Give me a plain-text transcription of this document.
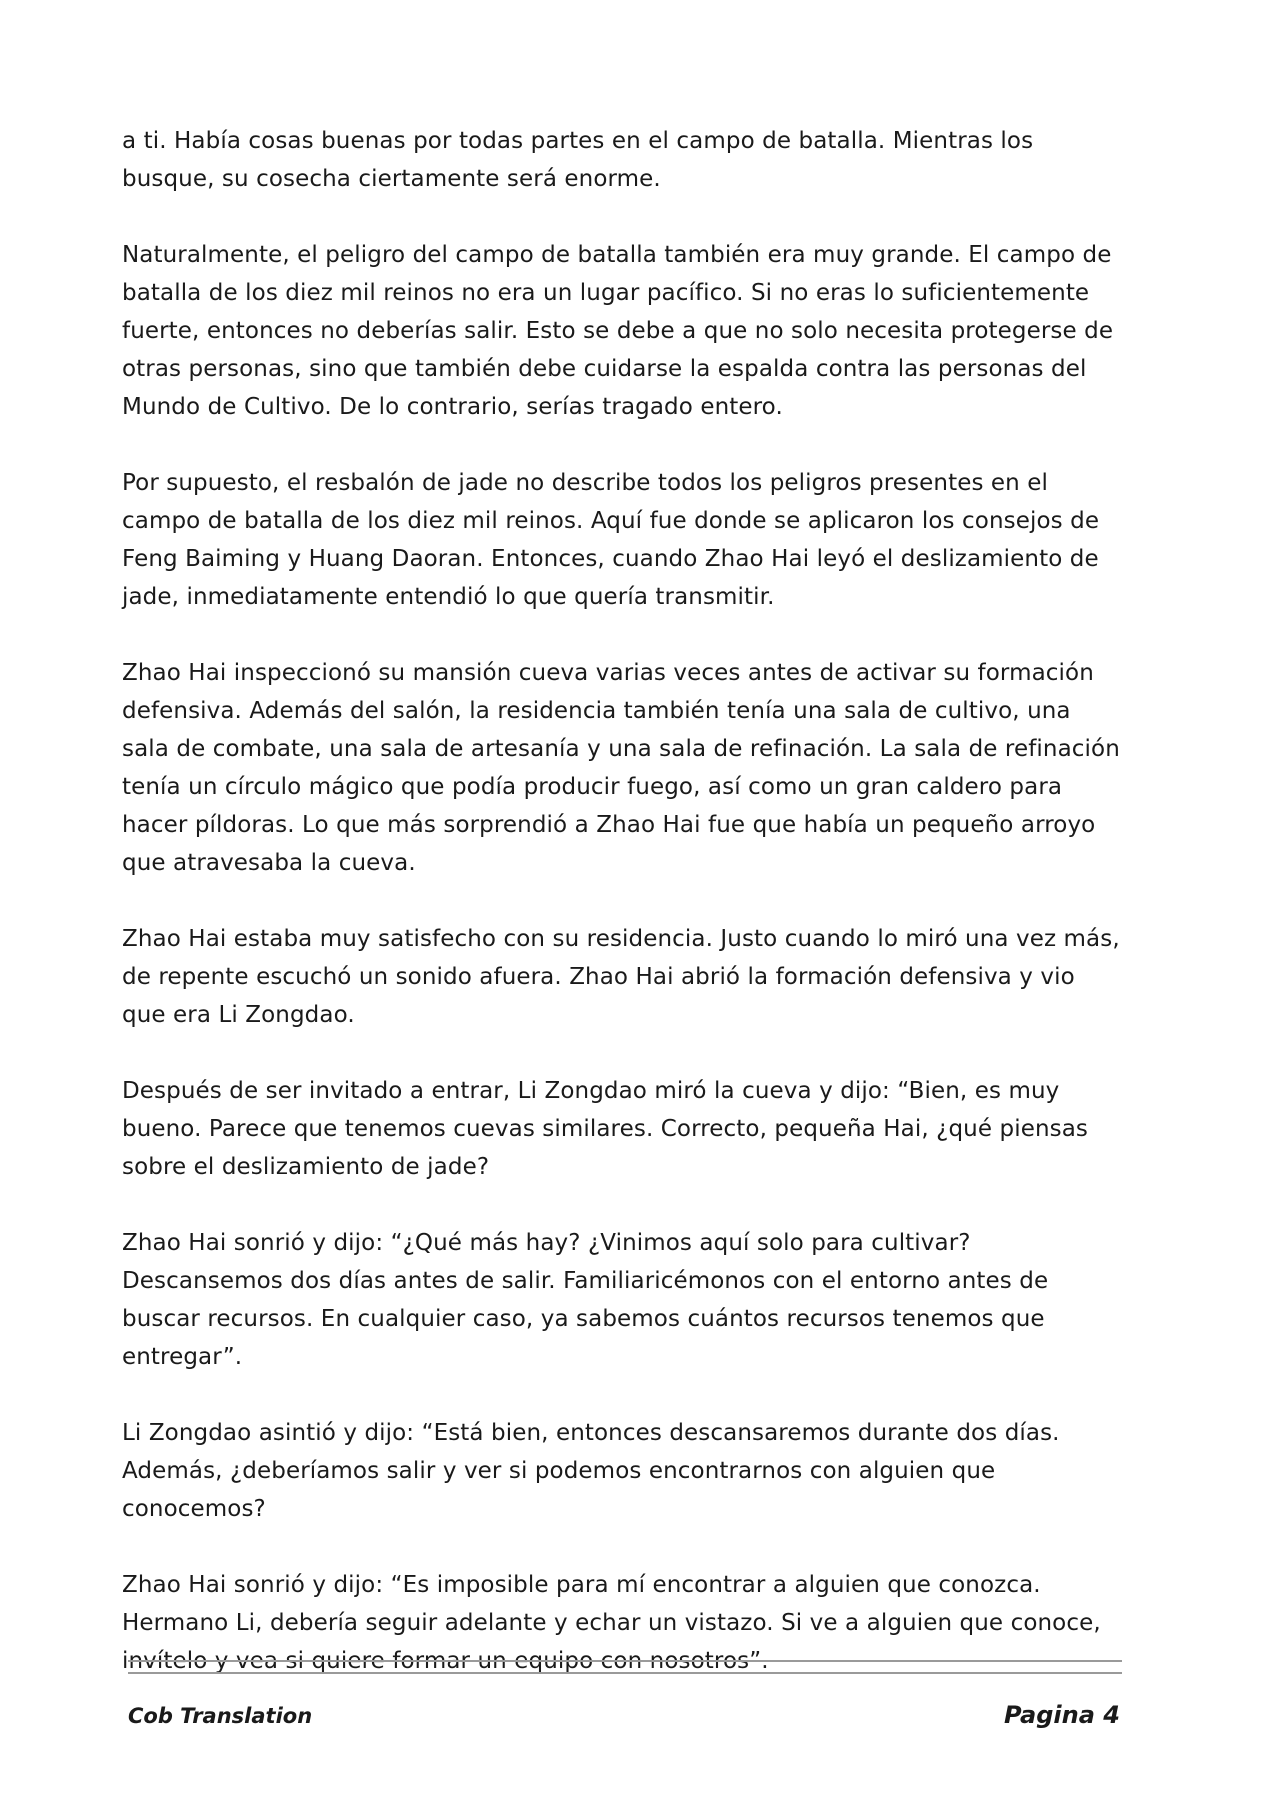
a ti. Había cosas buenas por todas partes en el campo de batalla. Mientras los busque, su cosecha ciertamente será enorme.

Naturalmente, el peligro del campo de batalla también era muy grande. El campo de batalla de los diez mil reinos no era un lugar pacífico. Si no eras lo suficientemente fuerte, entonces no deberías salir. Esto se debe a que no solo necesita protegerse de otras personas, sino que también debe cuidarse la espalda contra las personas del Mundo de Cultivo. De lo contrario, serías tragado entero.

Por supuesto, el resbalón de jade no describe todos los peligros presentes en el campo de batalla de los diez mil reinos. Aquí fue donde se aplicaron los consejos de Feng Baiming y Huang Daoran. Entonces, cuando Zhao Hai leyó el deslizamiento de jade, inmediatamente entendió lo que quería transmitir.

Zhao Hai inspeccionó su mansión cueva varias veces antes de activar su formación defensiva. Además del salón, la residencia también tenía una sala de cultivo, una sala de combate, una sala de artesanía y una sala de refinación. La sala de refinación tenía un círculo mágico que podía producir fuego, así como un gran caldero para hacer píldoras. Lo que más sorprendió a Zhao Hai fue que había un pequeño arroyo que atravesaba la cueva.

Zhao Hai estaba muy satisfecho con su residencia. Justo cuando lo miró una vez más, de repente escuchó un sonido afuera. Zhao Hai abrió la formación defensiva y vio que era Li Zongdao.

Después de ser invitado a entrar, Li Zongdao miró la cueva y dijo: “Bien, es muy bueno. Parece que tenemos cuevas similares. Correcto, pequeña Hai, ¿qué piensas sobre el deslizamiento de jade?

Zhao Hai sonrió y dijo: “¿Qué más hay? ¿Vinimos aquí solo para cultivar? Descansemos dos días antes de salir. Familiaricémonos con el entorno antes de buscar recursos. En cualquier caso, ya sabemos cuántos recursos tenemos que entregar”.

Li Zongdao asintió y dijo: “Está bien, entonces descansaremos durante dos días. Además, ¿deberíamos salir y ver si podemos encontrarnos con alguien que conocemos?

Zhao Hai sonrió y dijo: “Es imposible para mí encontrar a alguien que conozca. Hermano Li, debería seguir adelante y echar un vistazo. Si ve a alguien que conoce, invítelo y vea si quiere formar un equipo con nosotros”.

Cob Translation	Pagina 4
